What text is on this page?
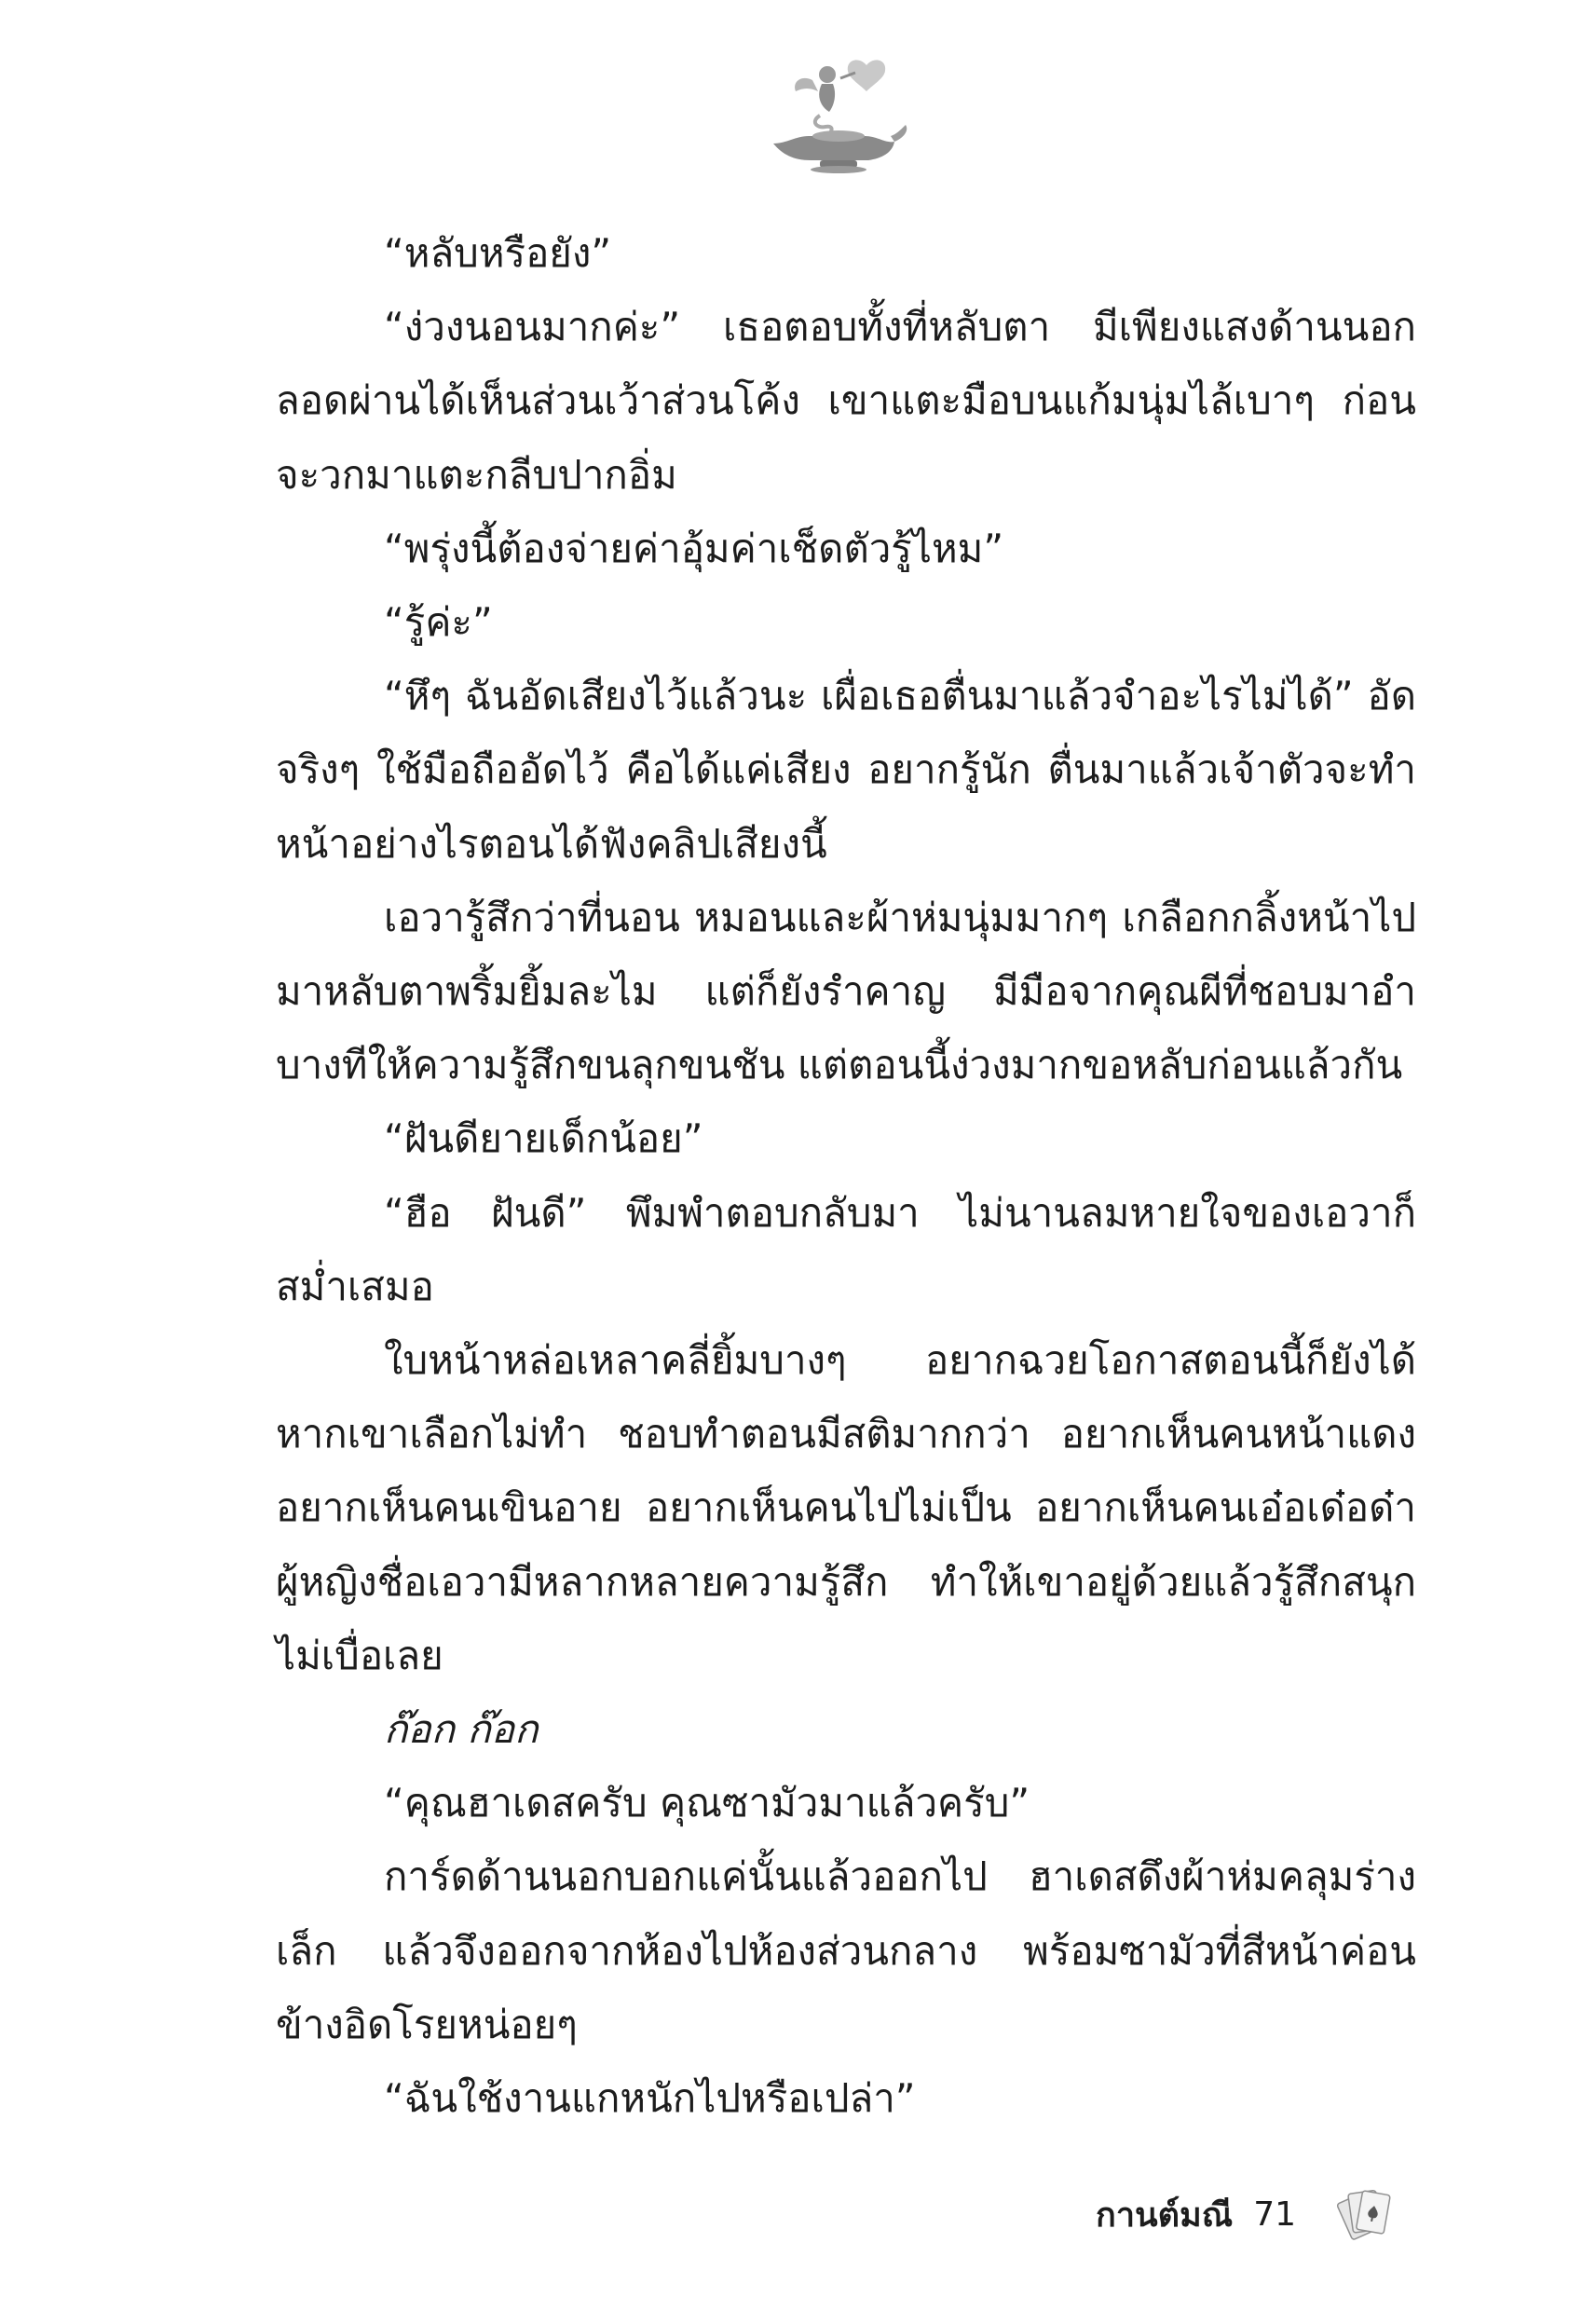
“หลับหรือยัง”

“ง่วงนอนมากค่ะ” เธอตอบทั้งที่หลับตา มีเพียงแสงด้านนอกลอดผ่านได้เห็นส่วนเว้าส่วนโค้ง เขาแตะมือบนแก้มนุ่มไล้เบาๆ ก่อนจะวกมาแตะกลีบปากอิ่ม

“พรุ่งนี้ต้องจ่ายค่าอุ้มค่าเช็ดตัวรู้ไหม”

“รู้ค่ะ”

“หึๆ ฉันอัดเสียงไว้แล้วนะ เผื่อเธอตื่นมาแล้วจำอะไรไม่ได้” อัดจริงๆ ใช้มือถืออัดไว้ คือได้แค่เสียง อยากรู้นัก ตื่นมาแล้วเจ้าตัวจะทำหน้าอย่างไรตอนได้ฟังคลิปเสียงนี้

เอวารู้สึกว่าที่นอน หมอนและผ้าห่มนุ่มมากๆ เกลือกกลิ้งหน้าไปมาหลับตาพริ้มยิ้มละไม แต่ก็ยังรำคาญ มีมือจากคุณผีที่ชอบมาอำบางทีให้ความรู้สึกขนลุกขนชัน แต่ตอนนี้ง่วงมากขอหลับก่อนแล้วกัน

“ฝันดียายเด็กน้อย”

“ฮือ ฝันดี” พึมพำตอบกลับมา ไม่นานลมหายใจของเอวาก็สม่ำเสมอ

ใบหน้าหล่อเหลาคลี่ยิ้มบางๆ อยากฉวยโอกาสตอนนี้ก็ยังได้หากเขาเลือกไม่ทำ ชอบทำตอนมีสติมากกว่า อยากเห็นคนหน้าแดงอยากเห็นคนเขินอาย อยากเห็นคนไปไม่เป็น อยากเห็นคนเอ๋อเด๋อด๋าผู้หญิงชื่อเอวามีหลากหลายความรู้สึก ทำให้เขาอยู่ด้วยแล้วรู้สึกสนุกไม่เบื่อเลย

ก๊อก ก๊อก

“คุณฮาเดสครับ คุณซามัวมาแล้วครับ”

การ์ดด้านนอกบอกแค่นั้นแล้วออกไป ฮาเดสดึงผ้าห่มคลุมร่างเล็ก แล้วจึงออกจากห้องไปห้องส่วนกลาง พร้อมซามัวที่สีหน้าค่อนข้างอิดโรยหน่อยๆ

“ฉันใช้งานแกหนักไปหรือเปล่า”

กานต์มณี 71
